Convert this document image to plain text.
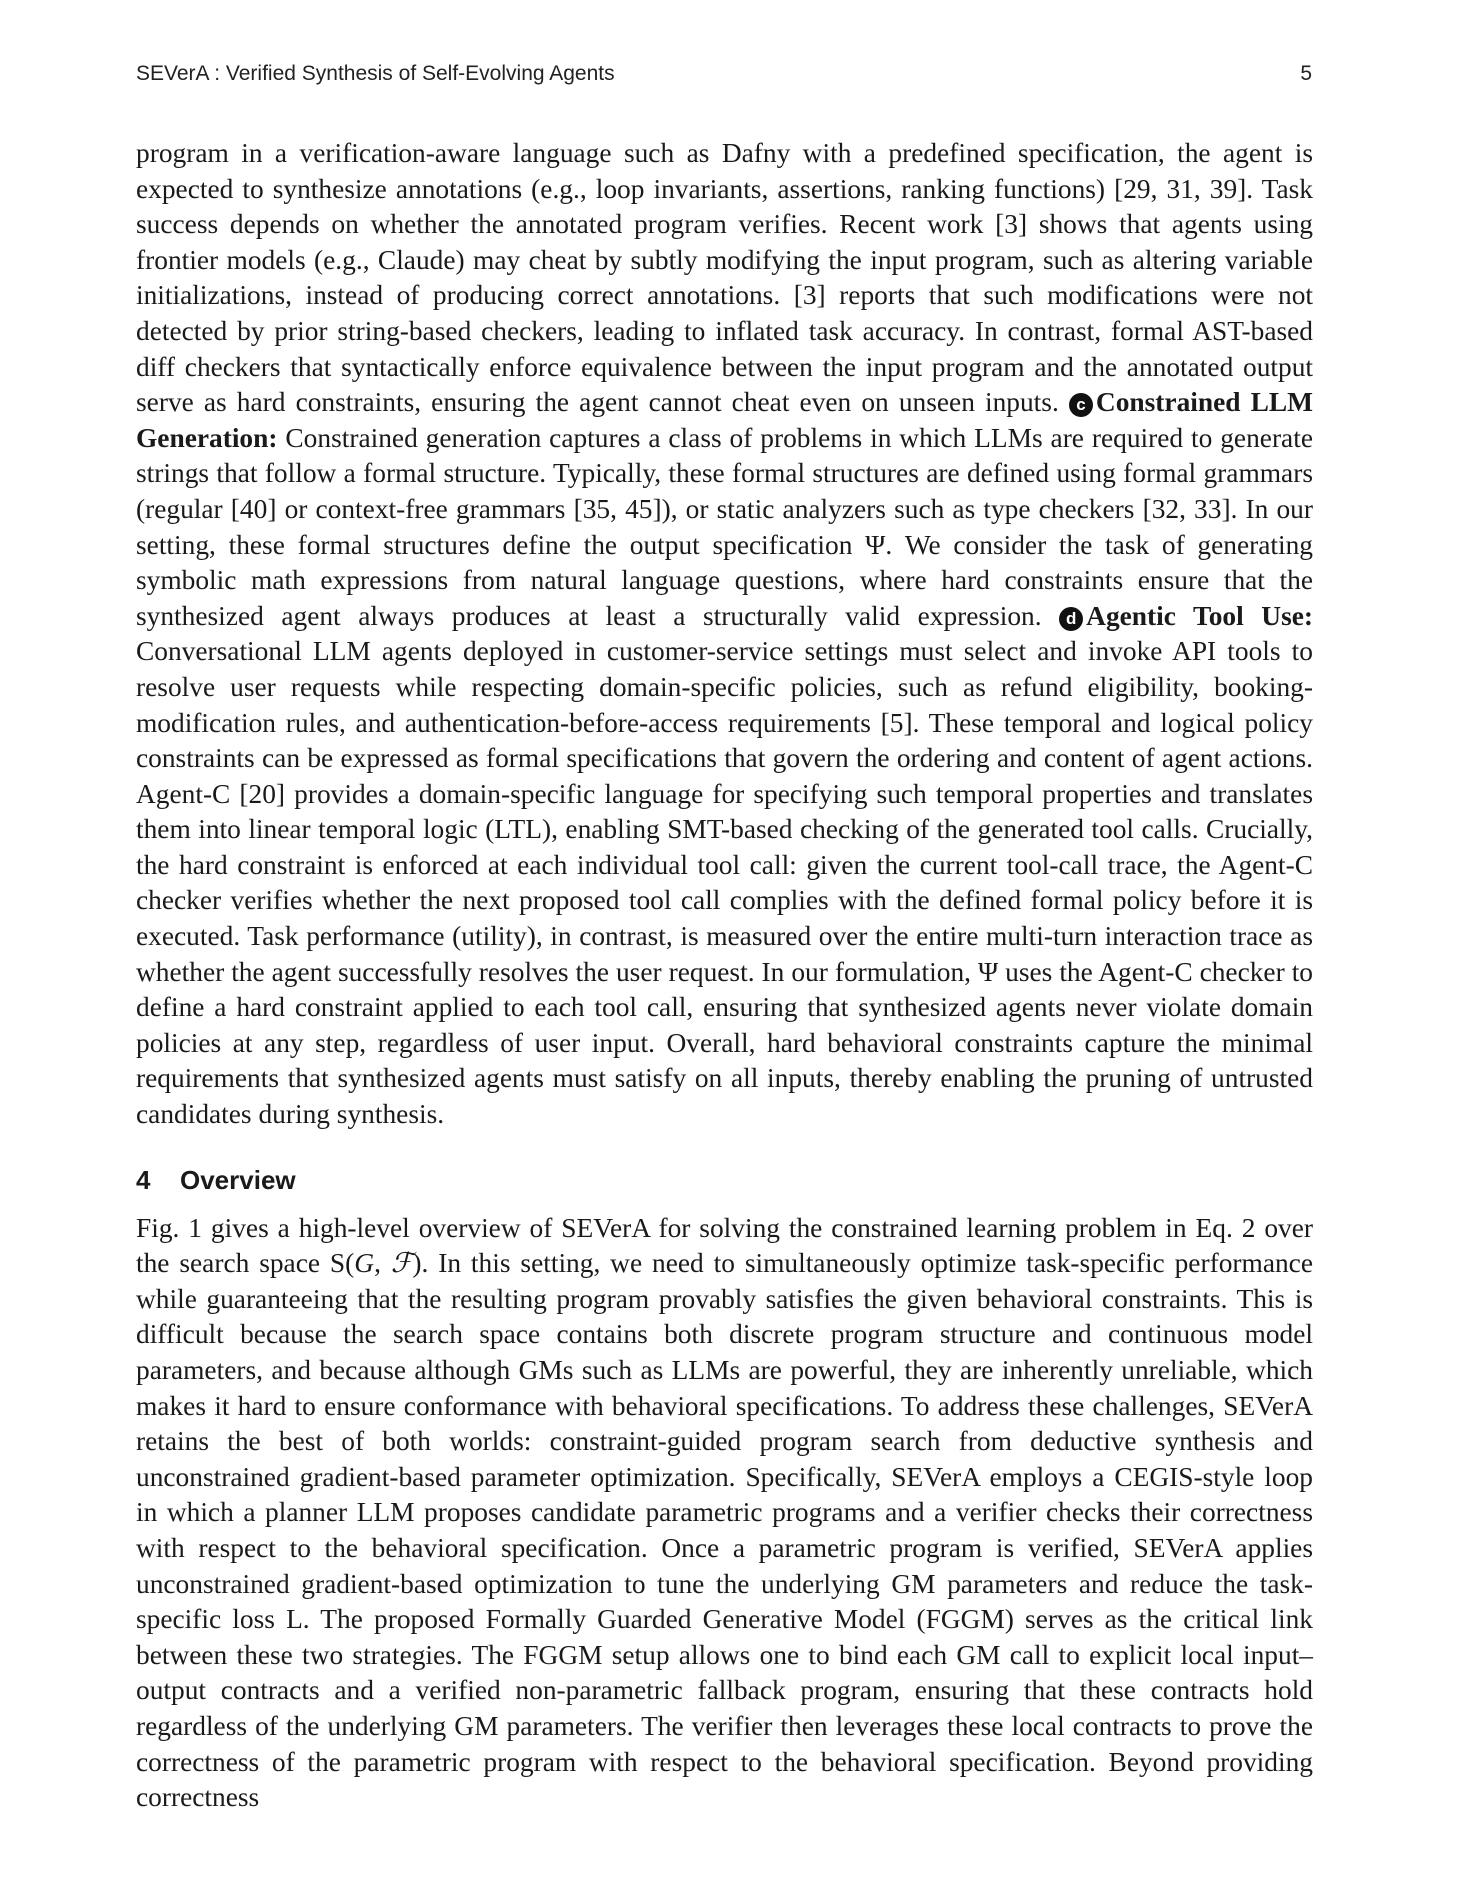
SEVerA : Verified Synthesis of Self-Evolving Agents	5

program in a verification-aware language such as Dafny with a predefined specification, the agent is expected to synthesize annotations (e.g., loop invariants, assertions, ranking functions) [29, 31, 39]. Task success depends on whether the annotated program verifies. Recent work [3] shows that agents using frontier models (e.g., Claude) may cheat by subtly modifying the input program, such as altering variable initializations, instead of producing correct annotations. [3] reports that such modifications were not detected by prior string-based checkers, leading to inflated task accuracy. In contrast, formal AST-based diff checkers that syntactically enforce equivalence between the input program and the annotated output serve as hard constraints, ensuring the agent cannot cheat even on unseen inputs. c Constrained LLM Generation: Constrained generation captures a class of problems in which LLMs are required to generate strings that follow a formal structure. Typically, these formal structures are defined using formal grammars (regular [40] or context-free grammars [35, 45]), or static analyzers such as type checkers [32, 33]. In our setting, these formal structures define the output specification Ψ. We consider the task of generating symbolic math expressions from natural language questions, where hard constraints ensure that the synthesized agent always produces at least a structurally valid expression. d Agentic Tool Use: Conversational LLM agents deployed in customer-service settings must select and invoke API tools to resolve user requests while respecting domain-specific policies, such as refund eligibility, booking-modification rules, and authentication-before-access requirements [5]. These temporal and logical policy constraints can be expressed as formal specifications that govern the ordering and content of agent actions. Agent-C [20] provides a domain-specific language for specifying such temporal properties and translates them into linear temporal logic (LTL), enabling SMT-based checking of the generated tool calls. Crucially, the hard constraint is enforced at each individual tool call: given the current tool-call trace, the Agent-C checker verifies whether the next proposed tool call complies with the defined formal policy before it is executed. Task performance (utility), in contrast, is measured over the entire multi-turn interaction trace as whether the agent successfully resolves the user request. In our formulation, Ψ uses the Agent-C checker to define a hard constraint applied to each tool call, ensuring that synthesized agents never violate domain policies at any step, regardless of user input. Overall, hard behavioral constraints capture the minimal requirements that synthesized agents must satisfy on all inputs, thereby enabling the pruning of untrusted candidates during synthesis.

4 Overview

Fig. 1 gives a high-level overview of SEVerA for solving the constrained learning problem in Eq. 2 over the search space S(G, ℱ). In this setting, we need to simultaneously optimize task-specific performance while guaranteeing that the resulting program provably satisfies the given behavioral constraints. This is difficult because the search space contains both discrete program structure and continuous model parameters, and because although GMs such as LLMs are powerful, they are inherently unreliable, which makes it hard to ensure conformance with behavioral specifications. To address these challenges, SEVerA retains the best of both worlds: constraint-guided program search from deductive synthesis and unconstrained gradient-based parameter optimization. Specifically, SEVerA employs a CEGIS-style loop in which a planner LLM proposes candidate parametric programs and a verifier checks their correctness with respect to the behavioral specification. Once a parametric program is verified, SEVerA applies unconstrained gradient-based optimization to tune the underlying GM parameters and reduce the task-specific loss L. The proposed Formally Guarded Generative Model (FGGM) serves as the critical link between these two strategies. The FGGM setup allows one to bind each GM call to explicit local input–output contracts and a verified non-parametric fallback program, ensuring that these contracts hold regardless of the underlying GM parameters. The verifier then leverages these local contracts to prove the correctness of the parametric program with respect to the behavioral specification. Beyond providing correctness
